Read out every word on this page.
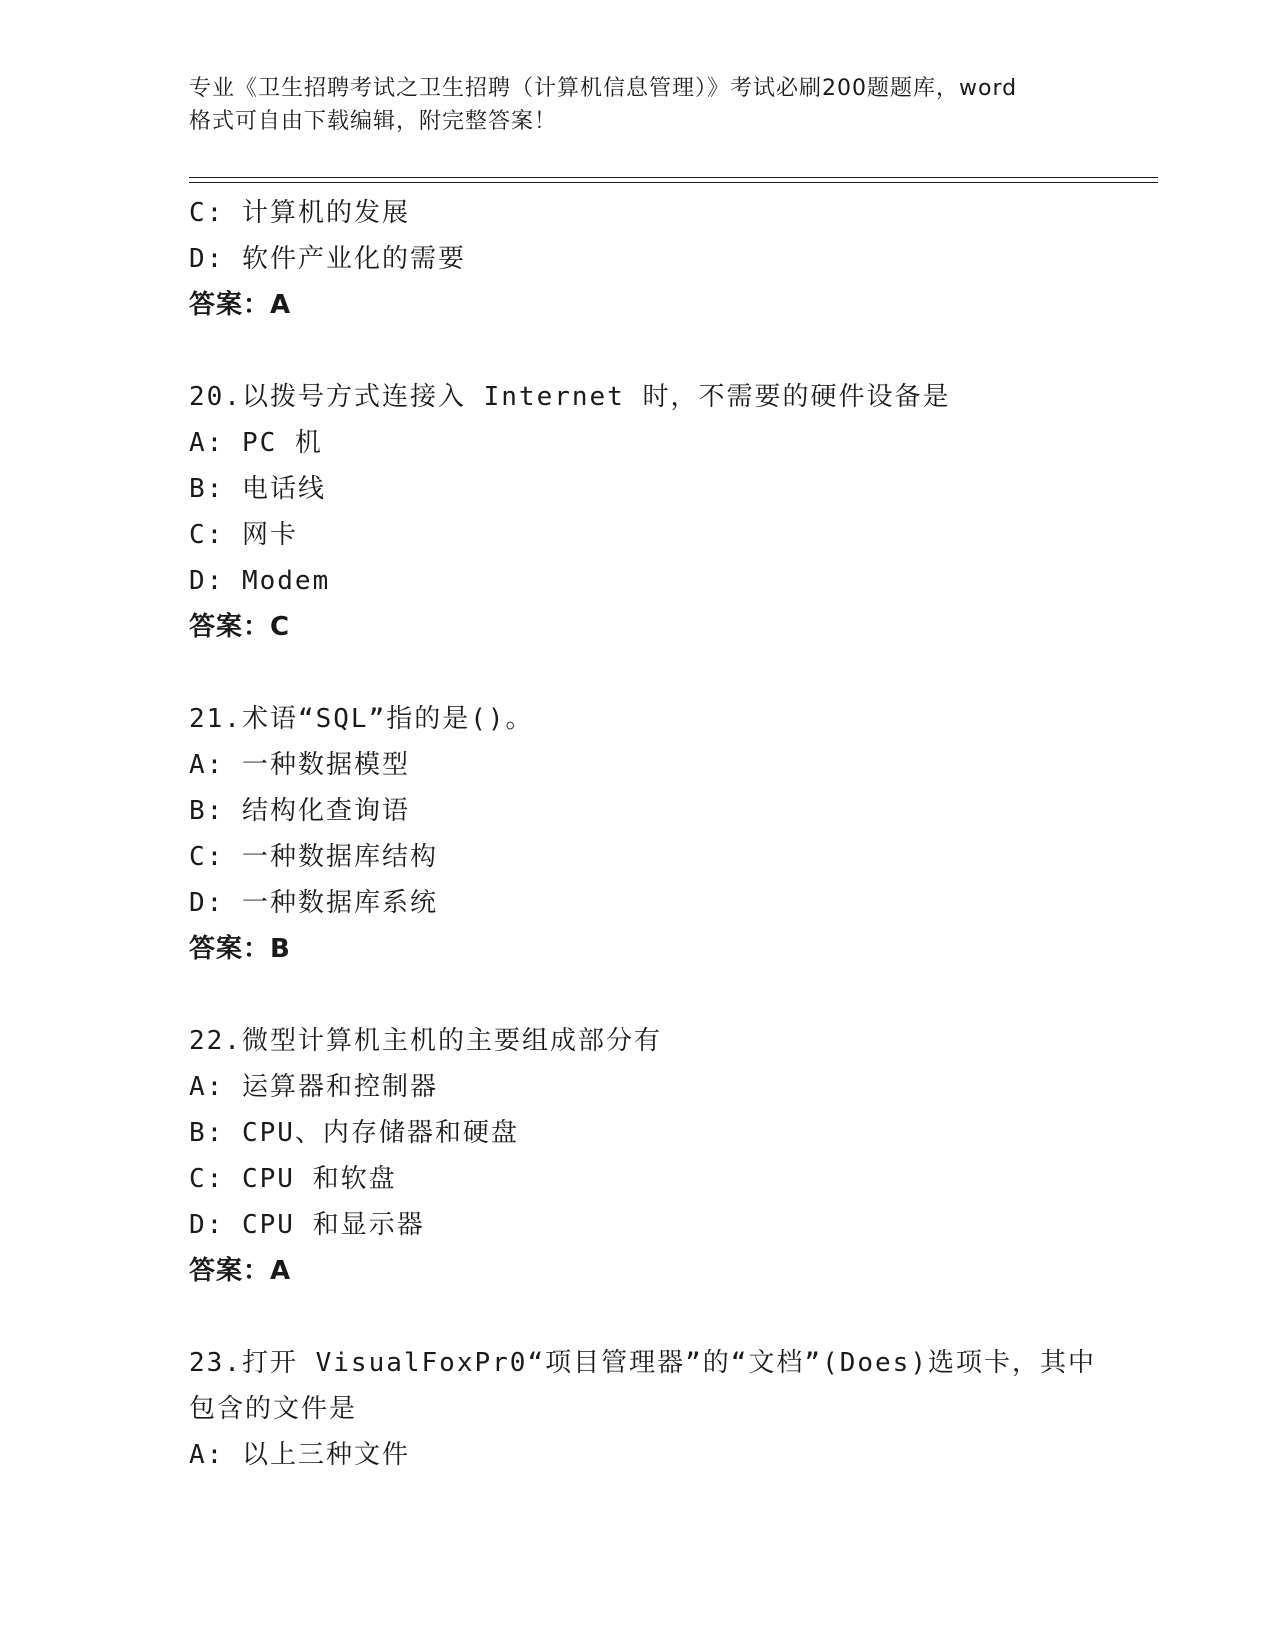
专业《卫生招聘考试之卫生招聘（计算机信息管理）》考试必刷200题题库，word
格式可自由下载编辑，附完整答案！
C: 计算机的发展
D: 软件产业化的需要
答案：A
20.以拨号方式连接入 Internet 时，不需要的硬件设备是
A: PC 机
B: 电话线
C: 网卡
D: Modem
答案：C
21.术语“SQL”指的是()。
A: 一种数据模型
B: 结构化查询语
C: 一种数据库结构
D: 一种数据库系统
答案：B
22.微型计算机主机的主要组成部分有
A: 运算器和控制器
B: CPU、内存储器和硬盘
C: CPU 和软盘
D: CPU 和显示器
答案：A
23.打开 VisualFoxPr0“项目管理器”的“文档”(Does)选项卡，其中
包含的文件是
A: 以上三种文件
